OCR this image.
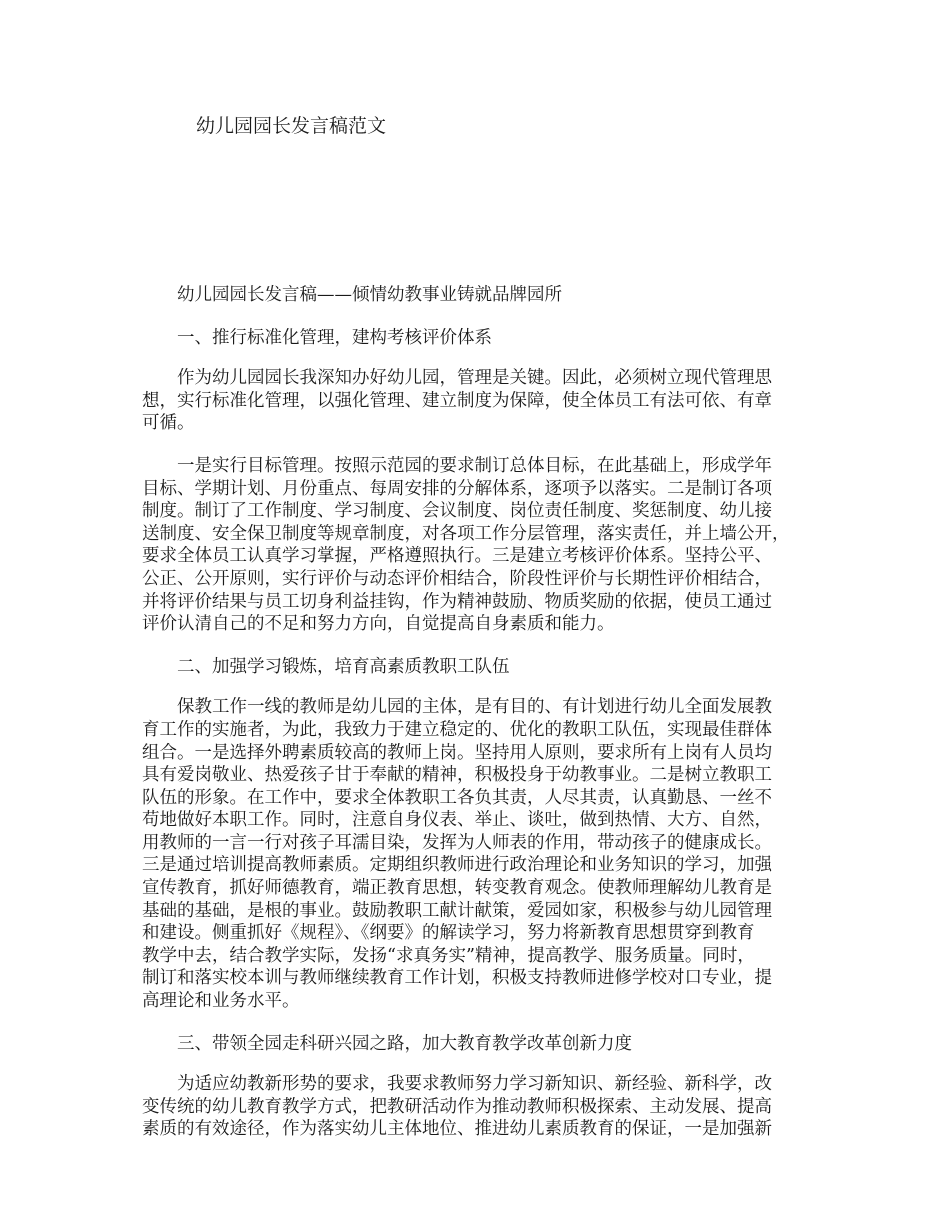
幼儿园园长发言稿范文
幼儿园园长发言稿——倾情幼教事业铸就品牌园所
一、推行标准化管理，建构考核评价体系
作为幼儿园园长我深知办好幼儿园，管理是关键。因此，必须树立现代管理思
想，实行标准化管理，以强化管理、建立制度为保障，使全体员工有法可依、有章
可循。
一是实行目标管理。按照示范园的要求制订总体目标，在此基础上，形成学年
目标、学期计划、月份重点、每周安排的分解体系，逐项予以落实。二是制订各项
制度。制订了工作制度、学习制度、会议制度、岗位责任制度、奖惩制度、幼儿接
送制度、安全保卫制度等规章制度，对各项工作分层管理，落实责任，并上墙公开，
要求全体员工认真学习掌握，严格遵照执行。三是建立考核评价体系。坚持公平、
公正、公开原则，实行评价与动态评价相结合，阶段性评价与长期性评价相结合，
并将评价结果与员工切身利益挂钩，作为精神鼓励、物质奖励的依据，使员工通过
评价认清自己的不足和努力方向，自觉提高自身素质和能力。
二、加强学习锻炼，培育高素质教职工队伍
保教工作一线的教师是幼儿园的主体，是有目的、有计划进行幼儿全面发展教
育工作的实施者，为此，我致力于建立稳定的、优化的教职工队伍，实现最佳群体
组合。一是选择外聘素质较高的教师上岗。坚持用人原则，要求所有上岗有人员均
具有爱岗敬业、热爱孩子甘于奉献的精神，积极投身于幼教事业。二是树立教职工
队伍的形象。在工作中，要求全体教职工各负其责，人尽其责，认真勤恳、一丝不
苟地做好本职工作。同时，注意自身仪表、举止、谈吐，做到热情、大方、自然，
用教师的一言一行对孩子耳濡目染，发挥为人师表的作用，带动孩子的健康成长。
三是通过培训提高教师素质。定期组织教师进行政治理论和业务知识的学习，加强
宣传教育，抓好师德教育，端正教育思想，转变教育观念。使教师理解幼儿教育是
基础的基础，是根的事业。鼓励教职工献计献策，爱园如家，积极参与幼儿园管理
和建设。侧重抓好《规程》、《纲要》的解读学习，努力将新教育思想贯穿到教育
教学中去，结合教学实际，发扬“求真务实”精神，提高教学、服务质量。同时，
制订和落实校本训与教师继续教育工作计划，积极支持教师进修学校对口专业，提
高理论和业务水平。
三、带领全园走科研兴园之路，加大教育教学改革创新力度
为适应幼教新形势的要求，我要求教师努力学习新知识、新经验、新科学，改
变传统的幼儿教育教学方式，把教研活动作为推动教师积极探索、主动发展、提高
素质的有效途径，作为落实幼儿主体地位、推进幼儿素质教育的保证，一是加强新
